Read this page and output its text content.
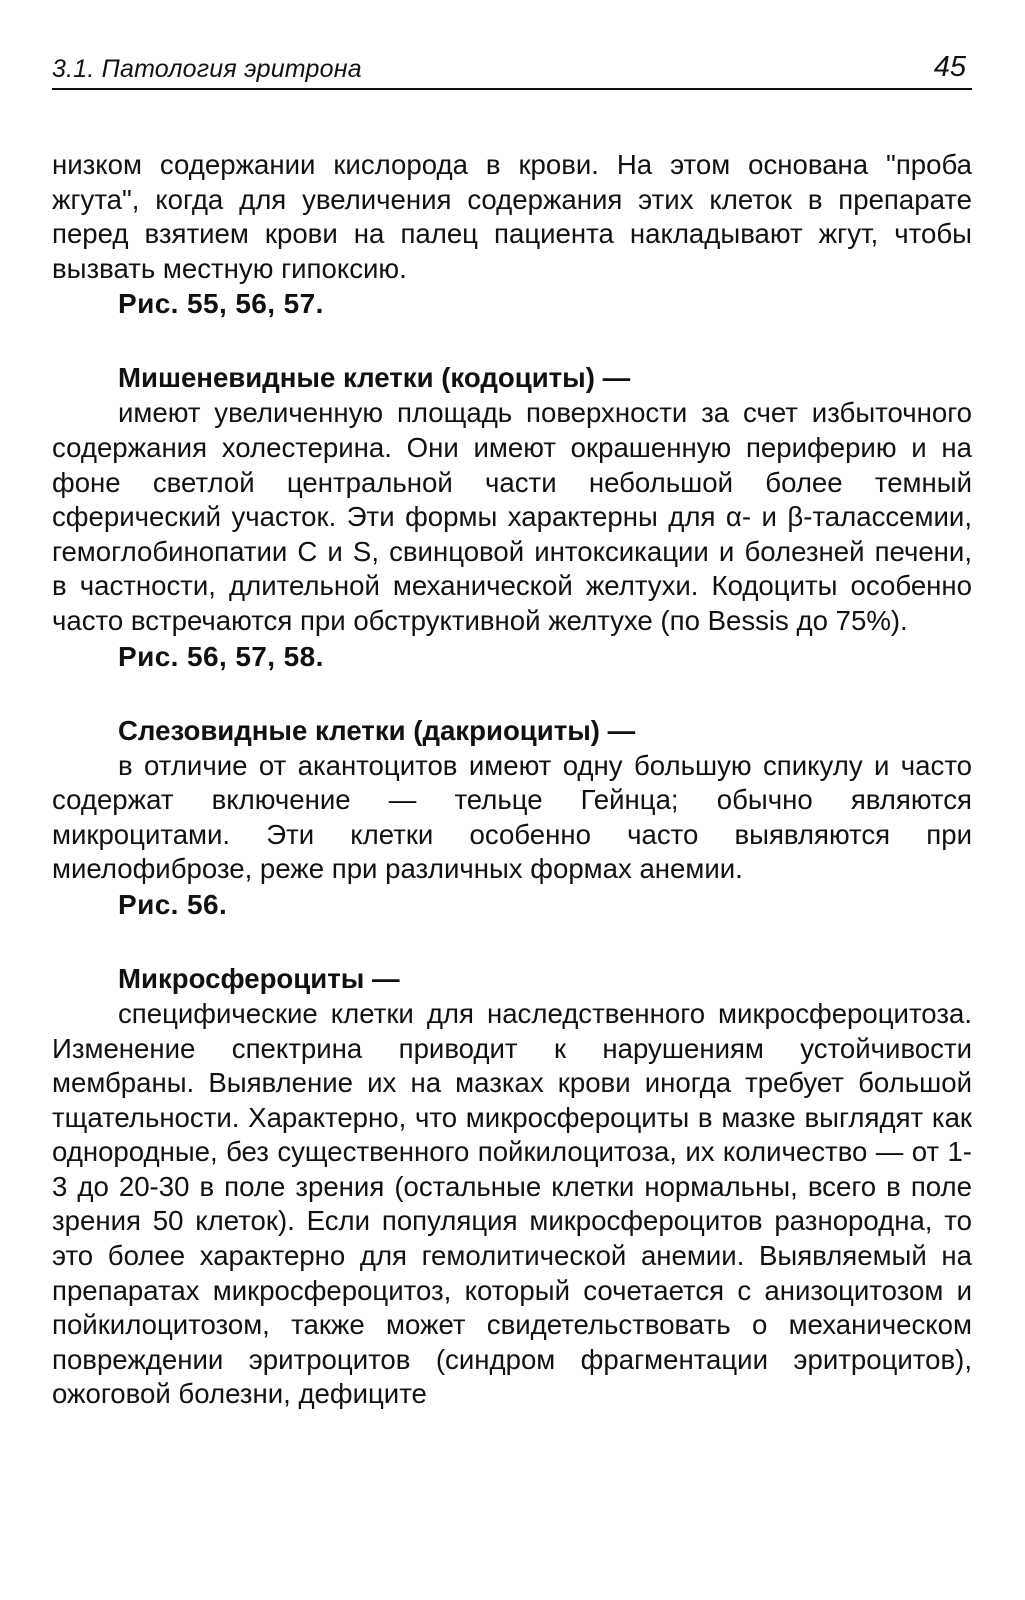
3.1. Патология эритрона	45

низком содержании кислорода в крови. На этом основана "проба жгута", когда для увеличения содержания этих клеток в препарате перед взятием крови на палец пациента накладывают жгут, чтобы вызвать местную гипоксию.

Рис. 55, 56, 57.

Мишеневидные клетки (кодоциты) —

имеют увеличенную площадь поверхности за счет избыточного содержания холестерина. Они имеют окрашенную периферию и на фоне светлой центральной части небольшой более темный сферический участок. Эти формы характерны для α- и β-талассемии, гемоглобинопатии C и S, свинцовой интоксикации и болезней печени, в частности, длительной механической желтухи. Кодоциты особенно часто встречаются при обструктивной желтухе (по Bessis до 75%).

Рис. 56, 57, 58.

Слезовидные клетки (дакриоциты) —

в отличие от акантоцитов имеют одну большую спикулу и часто содержат включение — тельце Гейнца; обычно являются микроцитами. Эти клетки особенно часто выявляются при миелофиброзе, реже при различных формах анемии.

Рис. 56.

Микросфероциты —

специфические клетки для наследственного микросфероцитоза. Изменение спектрина приводит к нарушениям устойчивости мембраны. Выявление их на мазках крови иногда требует большой тщательности. Характерно, что микросфероциты в мазке выглядят как однородные, без существенного пойкилоцитоза, их количество — от 1-3 до 20-30 в поле зрения (остальные клетки нормальны, всего в поле зрения 50 клеток). Если популяция микросфероцитов разнородна, то это более характерно для гемолитической анемии. Выявляемый на препаратах микросфероцитоз, который сочетается с анизоцитозом и пойкилоцитозом, также может свидетельствовать о механическом повреждении эритроцитов (синдром фрагментации эритроцитов), ожоговой болезни, дефиците
